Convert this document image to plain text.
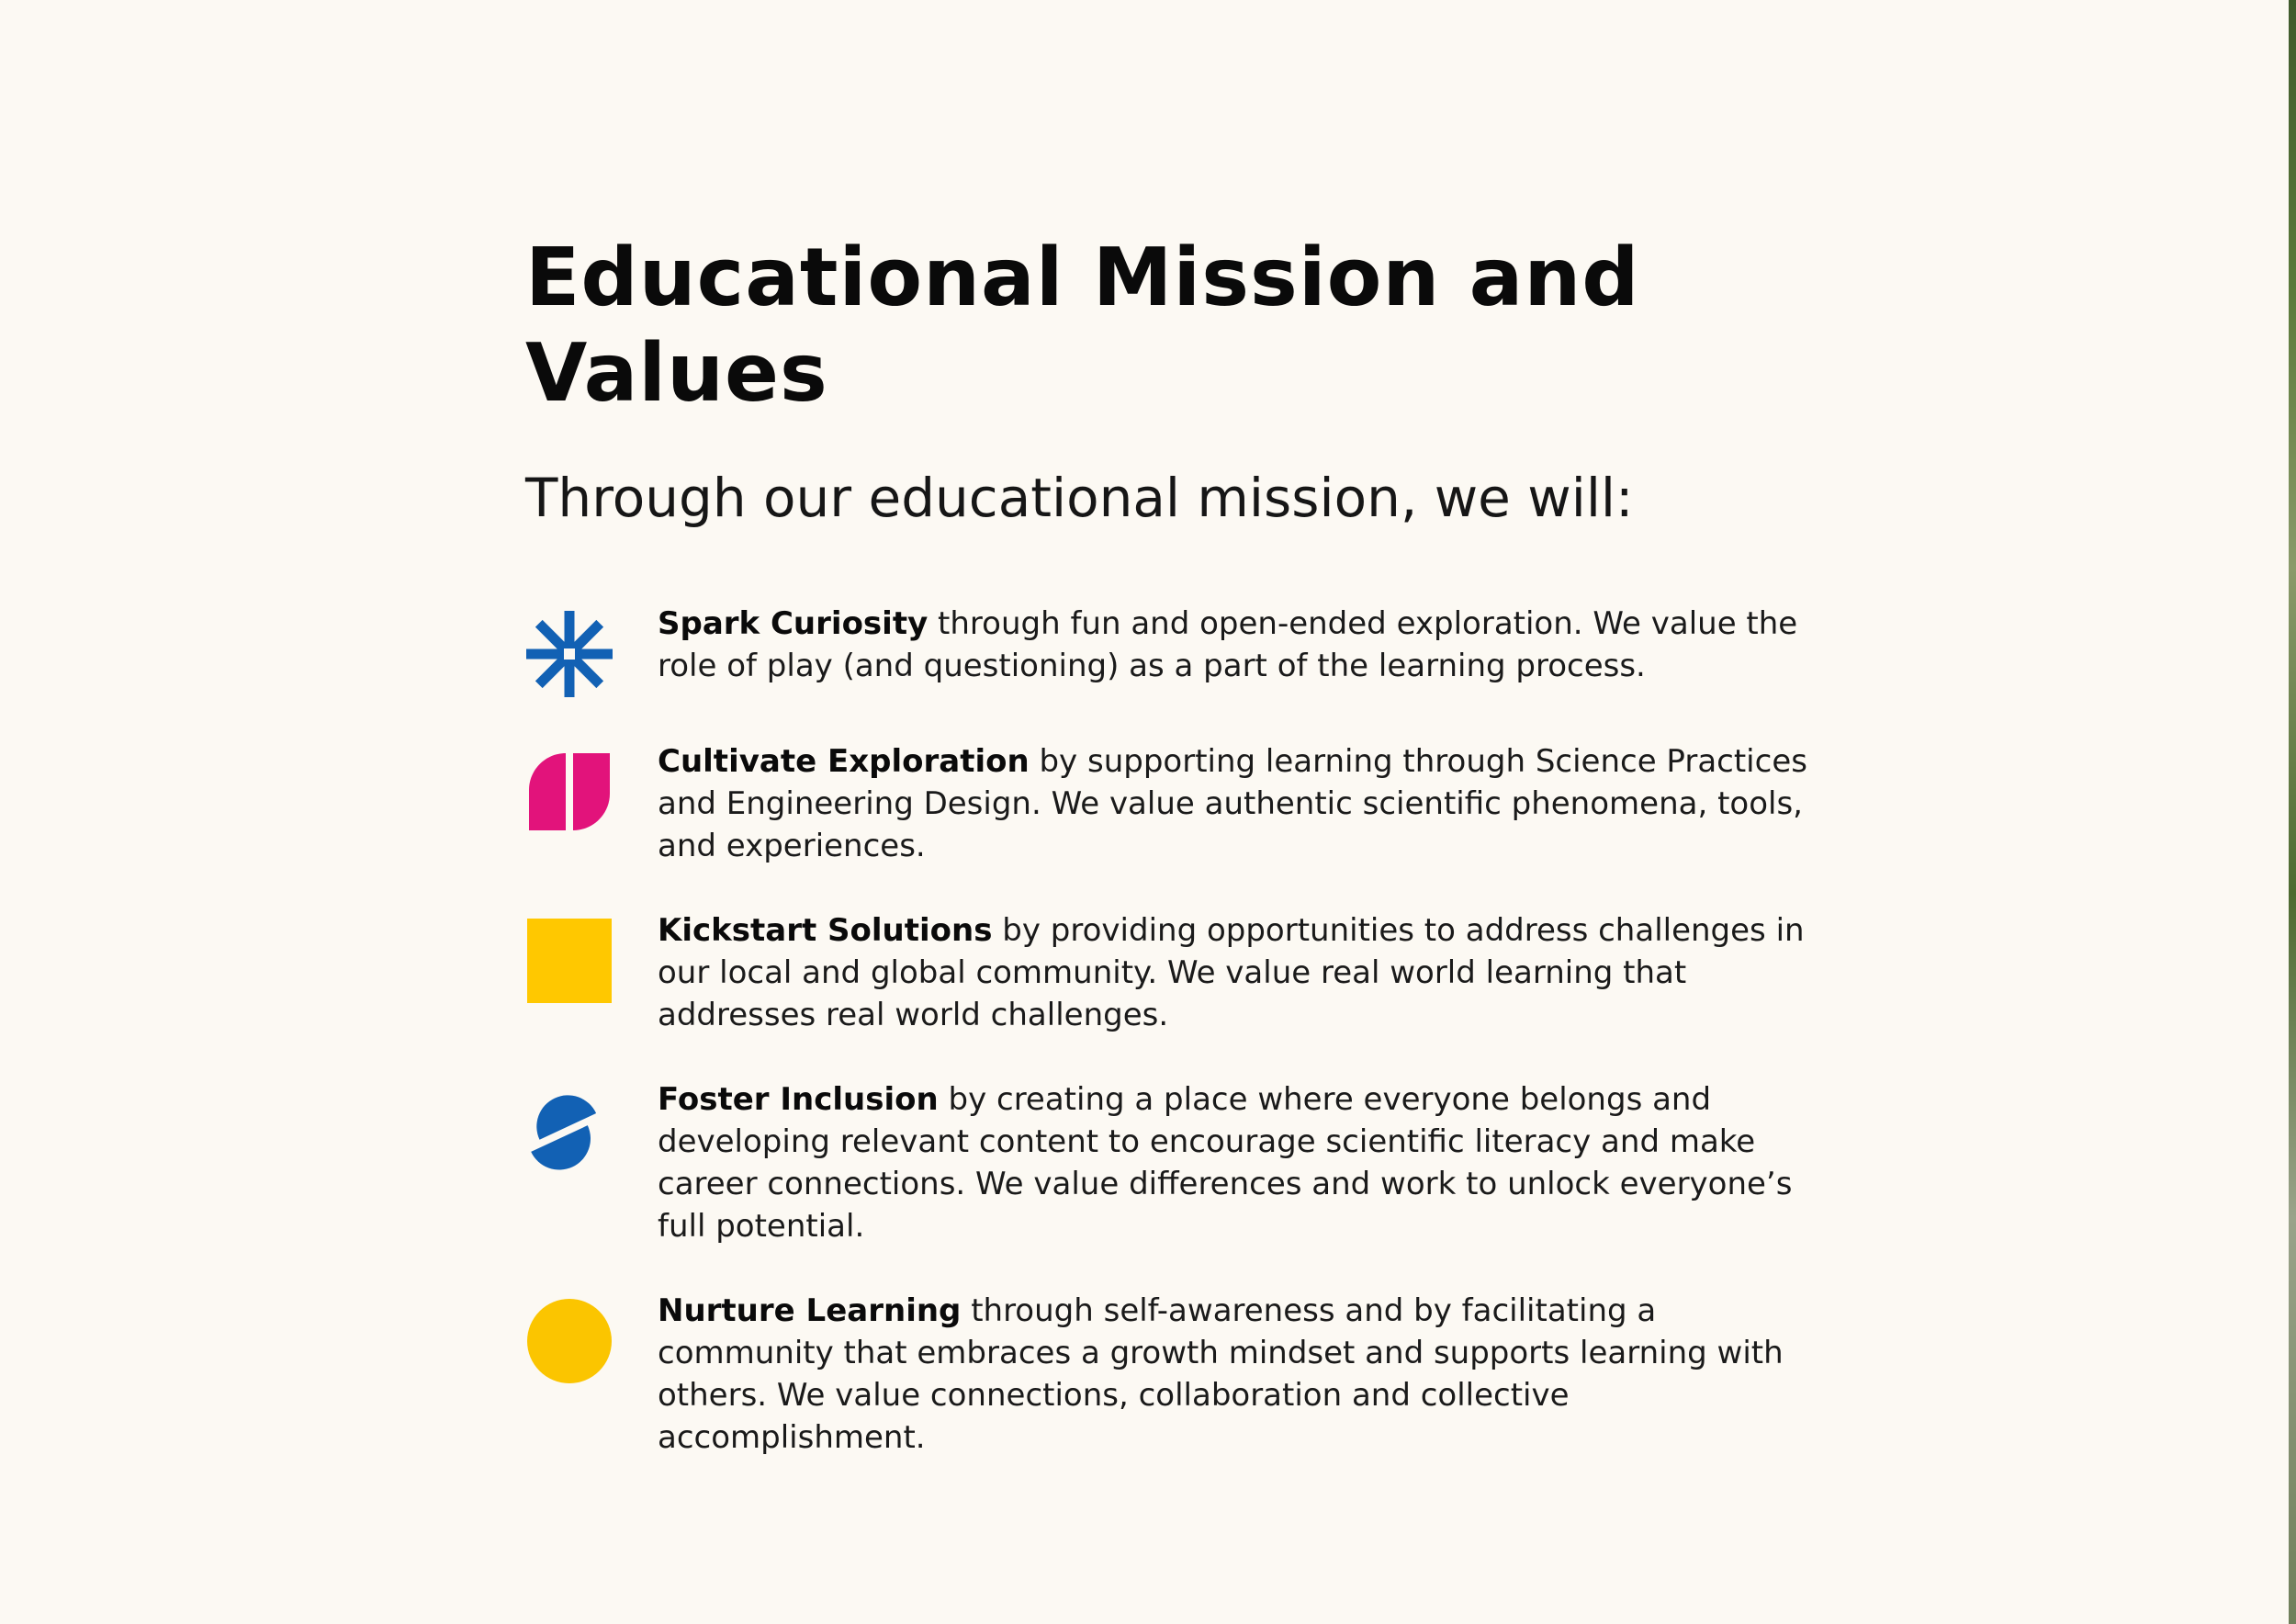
Educational Mission and Values

Through our educational mission, we will:

Spark Curiosity through fun and open-ended exploration. We value the role of play (and questioning) as a part of the learning process.
Cultivate Exploration by supporting learning through Science Practices and Engineering Design. We value authentic scientific phenomena, tools, and experiences.
Kickstart Solutions by providing opportunities to address challenges in our local and global community. We value real world learning that addresses real world challenges.
Foster Inclusion by creating a place where everyone belongs and developing relevant content to encourage scientific literacy and make career connections. We value differences and work to unlock everyone’s full potential.
Nurture Learning through self-awareness and by facilitating a community that embraces a growth mindset and supports learning with others. We value connections, collaboration and collective accomplishment.
